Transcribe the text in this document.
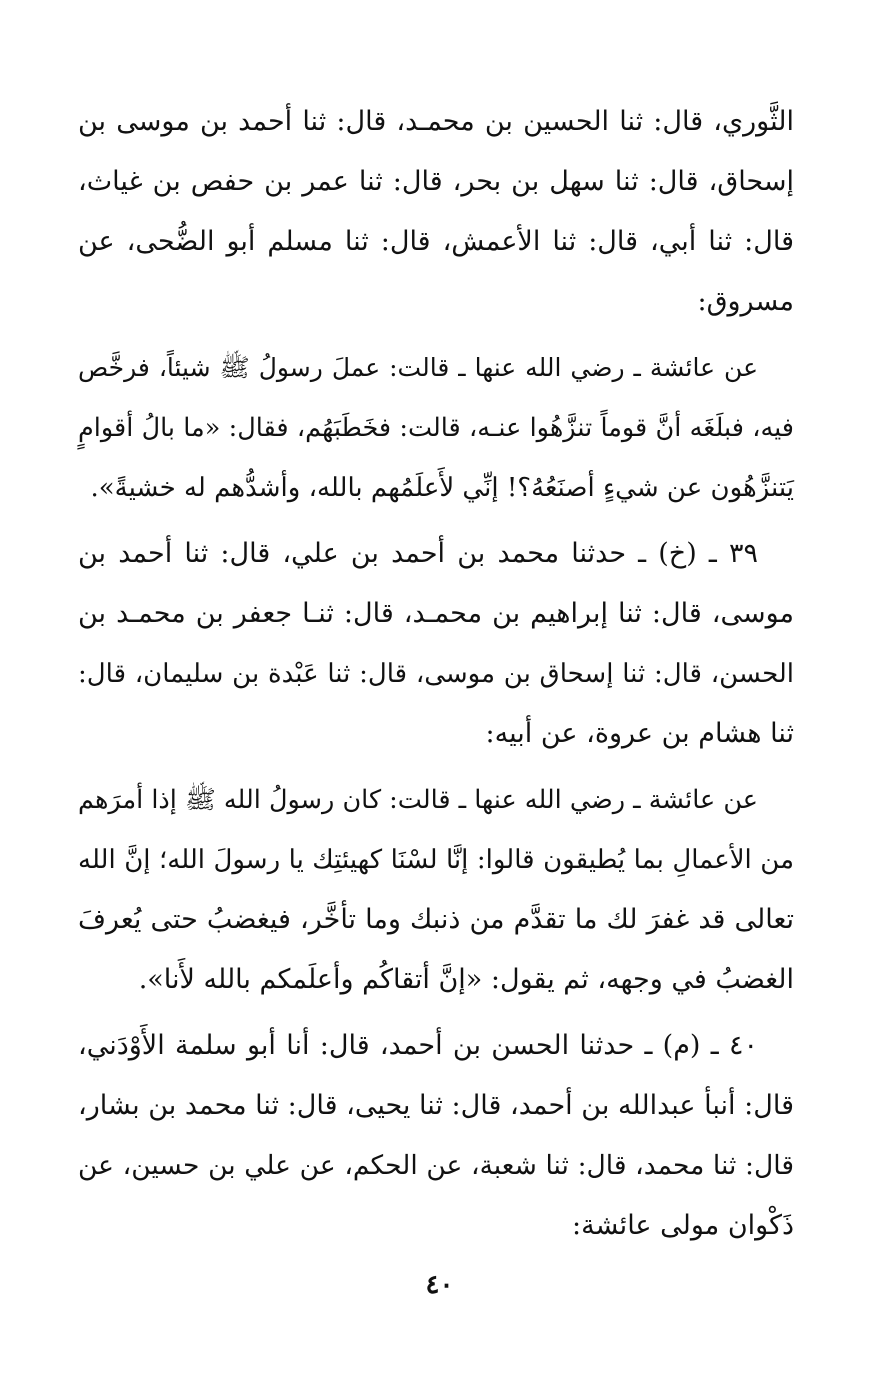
الثَّوري، قال: ثنا الحسين بن محمـد، قال: ثنا أحمد بن موسى بن
إسحاق، قال: ثنا سهل بن بحر، قال: ثنا عمر بن حفص بن غياث،
قال: ثنا أبي، قال: ثنا الأعمش، قال: ثنا مسلم أبو الضُّحى، عن
مسروق:
عن عائشة ـ رضي الله عنها ـ قالت: عملَ رسولُ ﷺ شيئاً، فرخَّص
فيه، فبلَغَه أنَّ قوماً تنزَّهُوا عنـه، قالت: فخَطَبَهُم، فقال: «ما بالُ أقوامٍ
يَتنزَّهُون عن شيءٍ أصنَعُهُ؟! إنِّي لأَعلَمُهم بالله، وأشدُّهم له خشيةً».
٣٩ ـ (خ) ـ حدثنا محمد بن أحمد بن علي، قال: ثنا أحمد بن
موسى، قال: ثنا إبراهيم بن محمـد، قال: ثنـا جعفر بن محمـد بن
الحسن، قال: ثنا إسحاق بن موسى، قال: ثنا عَبْدة بن سليمان، قال:
ثنا هشام بن عروة، عن أبيه:
عن عائشة ـ رضي الله عنها ـ قالت: كان رسولُ الله ﷺ إذا أمرَهم
من الأعمالِ بما يُطيقون قالوا: إنَّا لسْنَا كهيئتِك يا رسولَ الله؛ إنَّ الله
تعالى قد غفرَ لك ما تقدَّم من ذنبك وما تأخَّر، فيغضبُ حتى يُعرفَ
الغضبُ في وجهه، ثم يقول: «إنَّ أتقاكُم وأعلَمكم بالله لأَنا».
٤٠ ـ (م) ـ حدثنا الحسن بن أحمد، قال: أنا أبو سلمة الأَوْدَني،
قال: أنبأ عبدالله بن أحمد، قال: ثنا يحيى، قال: ثنا محمد بن بشار،
قال: ثنا محمد، قال: ثنا شعبة، عن الحكم، عن علي بن حسين، عن
ذَكْوان مولى عائشة:
٤٠
